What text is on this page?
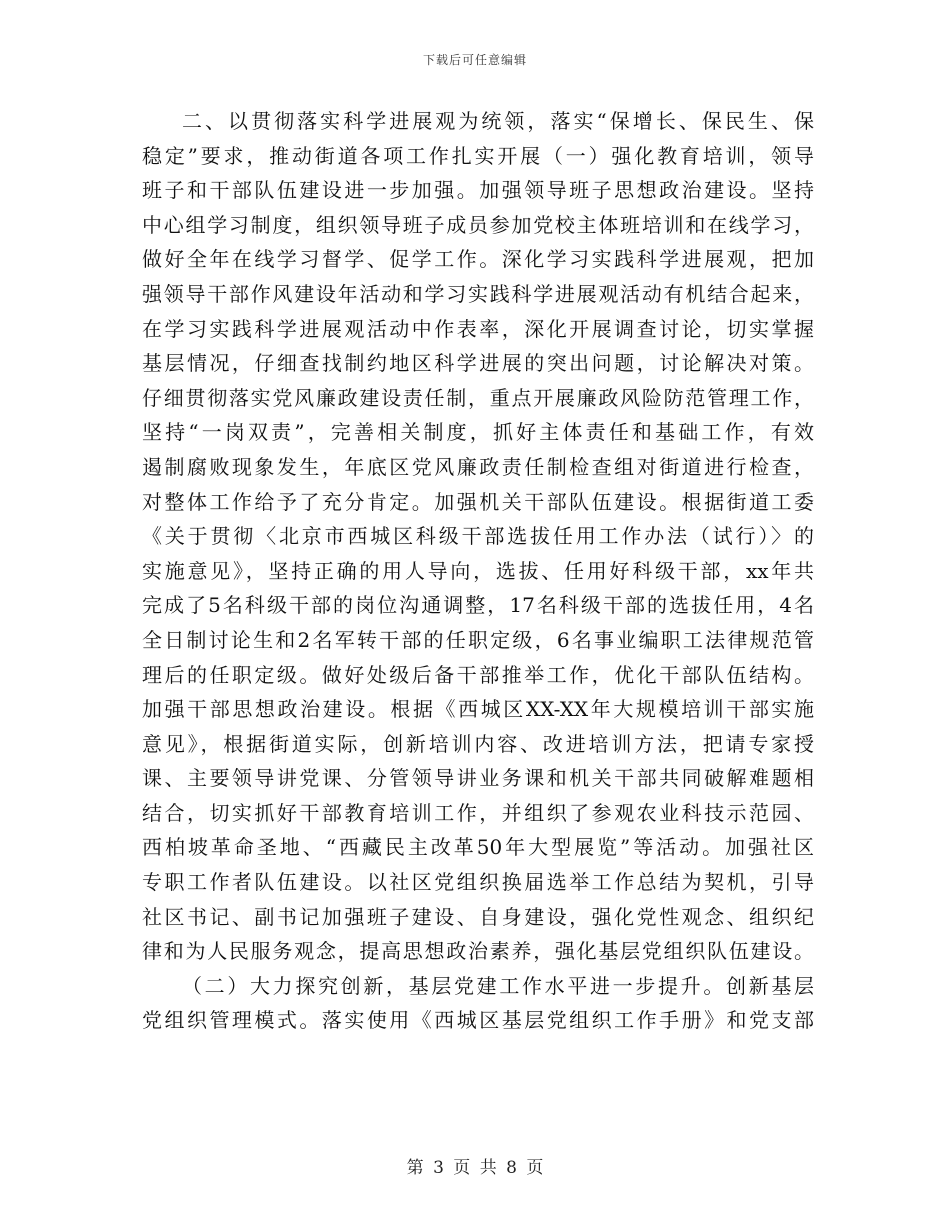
下载后可任意编辑
二、以贯彻落实科学进展观为统领，落实“保增长、保民生、保
稳定”要求，推动街道各项工作扎实开展（一）强化教育培训，领导
班子和干部队伍建设进一步加强。加强领导班子思想政治建设。坚持
中心组学习制度，组织领导班子成员参加党校主体班培训和在线学习，
做好全年在线学习督学、促学工作。深化学习实践科学进展观，把加
强领导干部作风建设年活动和学习实践科学进展观活动有机结合起来，
在学习实践科学进展观活动中作表率，深化开展调查讨论，切实掌握
基层情况，仔细查找制约地区科学进展的突出问题，讨论解决对策。
仔细贯彻落实党风廉政建设责任制，重点开展廉政风险防范管理工作，
坚持“一岗双责”，完善相关制度，抓好主体责任和基础工作，有效
遏制腐败现象发生，年底区党风廉政责任制检查组对街道进行检查，
对整体工作给予了充分肯定。加强机关干部队伍建设。根据街道工委
《关于贯彻〈北京市西城区科级干部选拔任用工作办法（试行）〉的
实施意见》，坚持正确的用人导向，选拔、任用好科级干部，xx年共
完成了5名科级干部的岗位沟通调整，17名科级干部的选拔任用，4名
全日制讨论生和2名军转干部的任职定级，6名事业编职工法律规范管
理后的任职定级。做好处级后备干部推举工作，优化干部队伍结构。
加强干部思想政治建设。根据《西城区XX-XX年大规模培训干部实施
意见》，根据街道实际，创新培训内容、改进培训方法，把请专家授
课、主要领导讲党课、分管领导讲业务课和机关干部共同破解难题相
结合，切实抓好干部教育培训工作，并组织了参观农业科技示范园、
西柏坡革命圣地、“西藏民主改革50年大型展览”等活动。加强社区
专职工作者队伍建设。以社区党组织换届选举工作总结为契机，引导
社区书记、副书记加强班子建设、自身建设，强化党性观念、组织纪
律和为人民服务观念，提高思想政治素养，强化基层党组织队伍建设。
（二）大力探究创新，基层党建工作水平进一步提升。创新基层
党组织管理模式。落实使用《西城区基层党组织工作手册》和党支部
第 3 页 共 8 页
